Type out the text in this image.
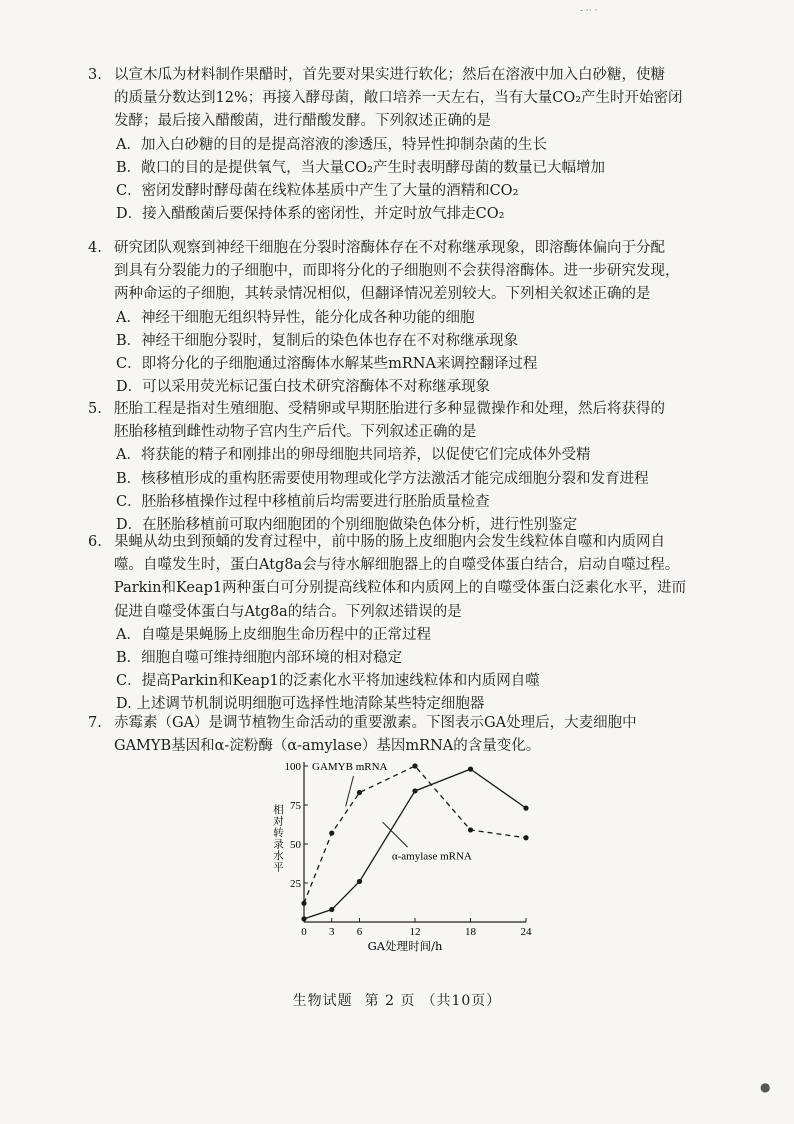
- ·· ·
3. 以宣木瓜为材料制作果醋时，首先要对果实进行软化；然后在溶液中加入白砂糖，使糖
的质量分数达到12%；再接入酵母菌，敞口培养一天左右，当有大量CO₂产生时开始密闭
发酵；最后接入醋酸菌，进行醋酸发酵。下列叙述正确的是
A．加入白砂糖的目的是提高溶液的渗透压，特异性抑制杂菌的生长
B．敞口的目的是提供氧气，当大量CO₂产生时表明酵母菌的数量已大幅增加
C．密闭发酵时酵母菌在线粒体基质中产生了大量的酒精和CO₂
D．接入醋酸菌后要保持体系的密闭性，并定时放气排走CO₂
4. 研究团队观察到神经干细胞在分裂时溶酶体存在不对称继承现象，即溶酶体偏向于分配
到具有分裂能力的子细胞中，而即将分化的子细胞则不会获得溶酶体。进一步研究发现，
两种命运的子细胞，其转录情况相似，但翻译情况差别较大。下列相关叙述正确的是
A．神经干细胞无组织特异性，能分化成各种功能的细胞
B．神经干细胞分裂时，复制后的染色体也存在不对称继承现象
C．即将分化的子细胞通过溶酶体水解某些mRNA来调控翻译过程
D．可以采用荧光标记蛋白技术研究溶酶体不对称继承现象
5. 胚胎工程是指对生殖细胞、受精卵或早期胚胎进行多种显微操作和处理，然后将获得的
胚胎移植到雌性动物子宫内生产后代。下列叙述正确的是
A．将获能的精子和刚排出的卵母细胞共同培养，以促使它们完成体外受精
B．核移植形成的重构胚需要使用物理或化学方法激活才能完成细胞分裂和发育进程
C．胚胎移植操作过程中移植前后均需要进行胚胎质量检查
D．在胚胎移植前可取内细胞团的个别细胞做染色体分析，进行性别鉴定
6. 果蝇从幼虫到预蛹的发育过程中，前中肠的肠上皮细胞内会发生线粒体自噬和内质网自
噬。自噬发生时，蛋白Atg8a会与待水解细胞器上的自噬受体蛋白结合，启动自噬过程。
Parkin和Keap1两种蛋白可分别提高线粒体和内质网上的自噬受体蛋白泛素化水平，进而
促进自噬受体蛋白与Atg8a的结合。下列叙述错误的是
A．自噬是果蝇肠上皮细胞生命历程中的正常过程
B．细胞自噬可维持细胞内部环境的相对稳定
C．提高Parkin和Keap1的泛素化水平将加速线粒体和内质网自噬
D. 上述调节机制说明细胞可选择性地清除某些特定细胞器
7. 赤霉素（GA）是调节植物生命活动的重要激素。下图表示GA处理后，大麦细胞中
GAMYB基因和α-淀粉酶（α-amylase）基因mRNA的含量变化。
25
50
75
100
0 3 6	12	18	24
GA处理时间/h
相对转录水平
GAMYB mRNA
α-amylase mRNA
生物试题 第 2 页 （共10页）
●
